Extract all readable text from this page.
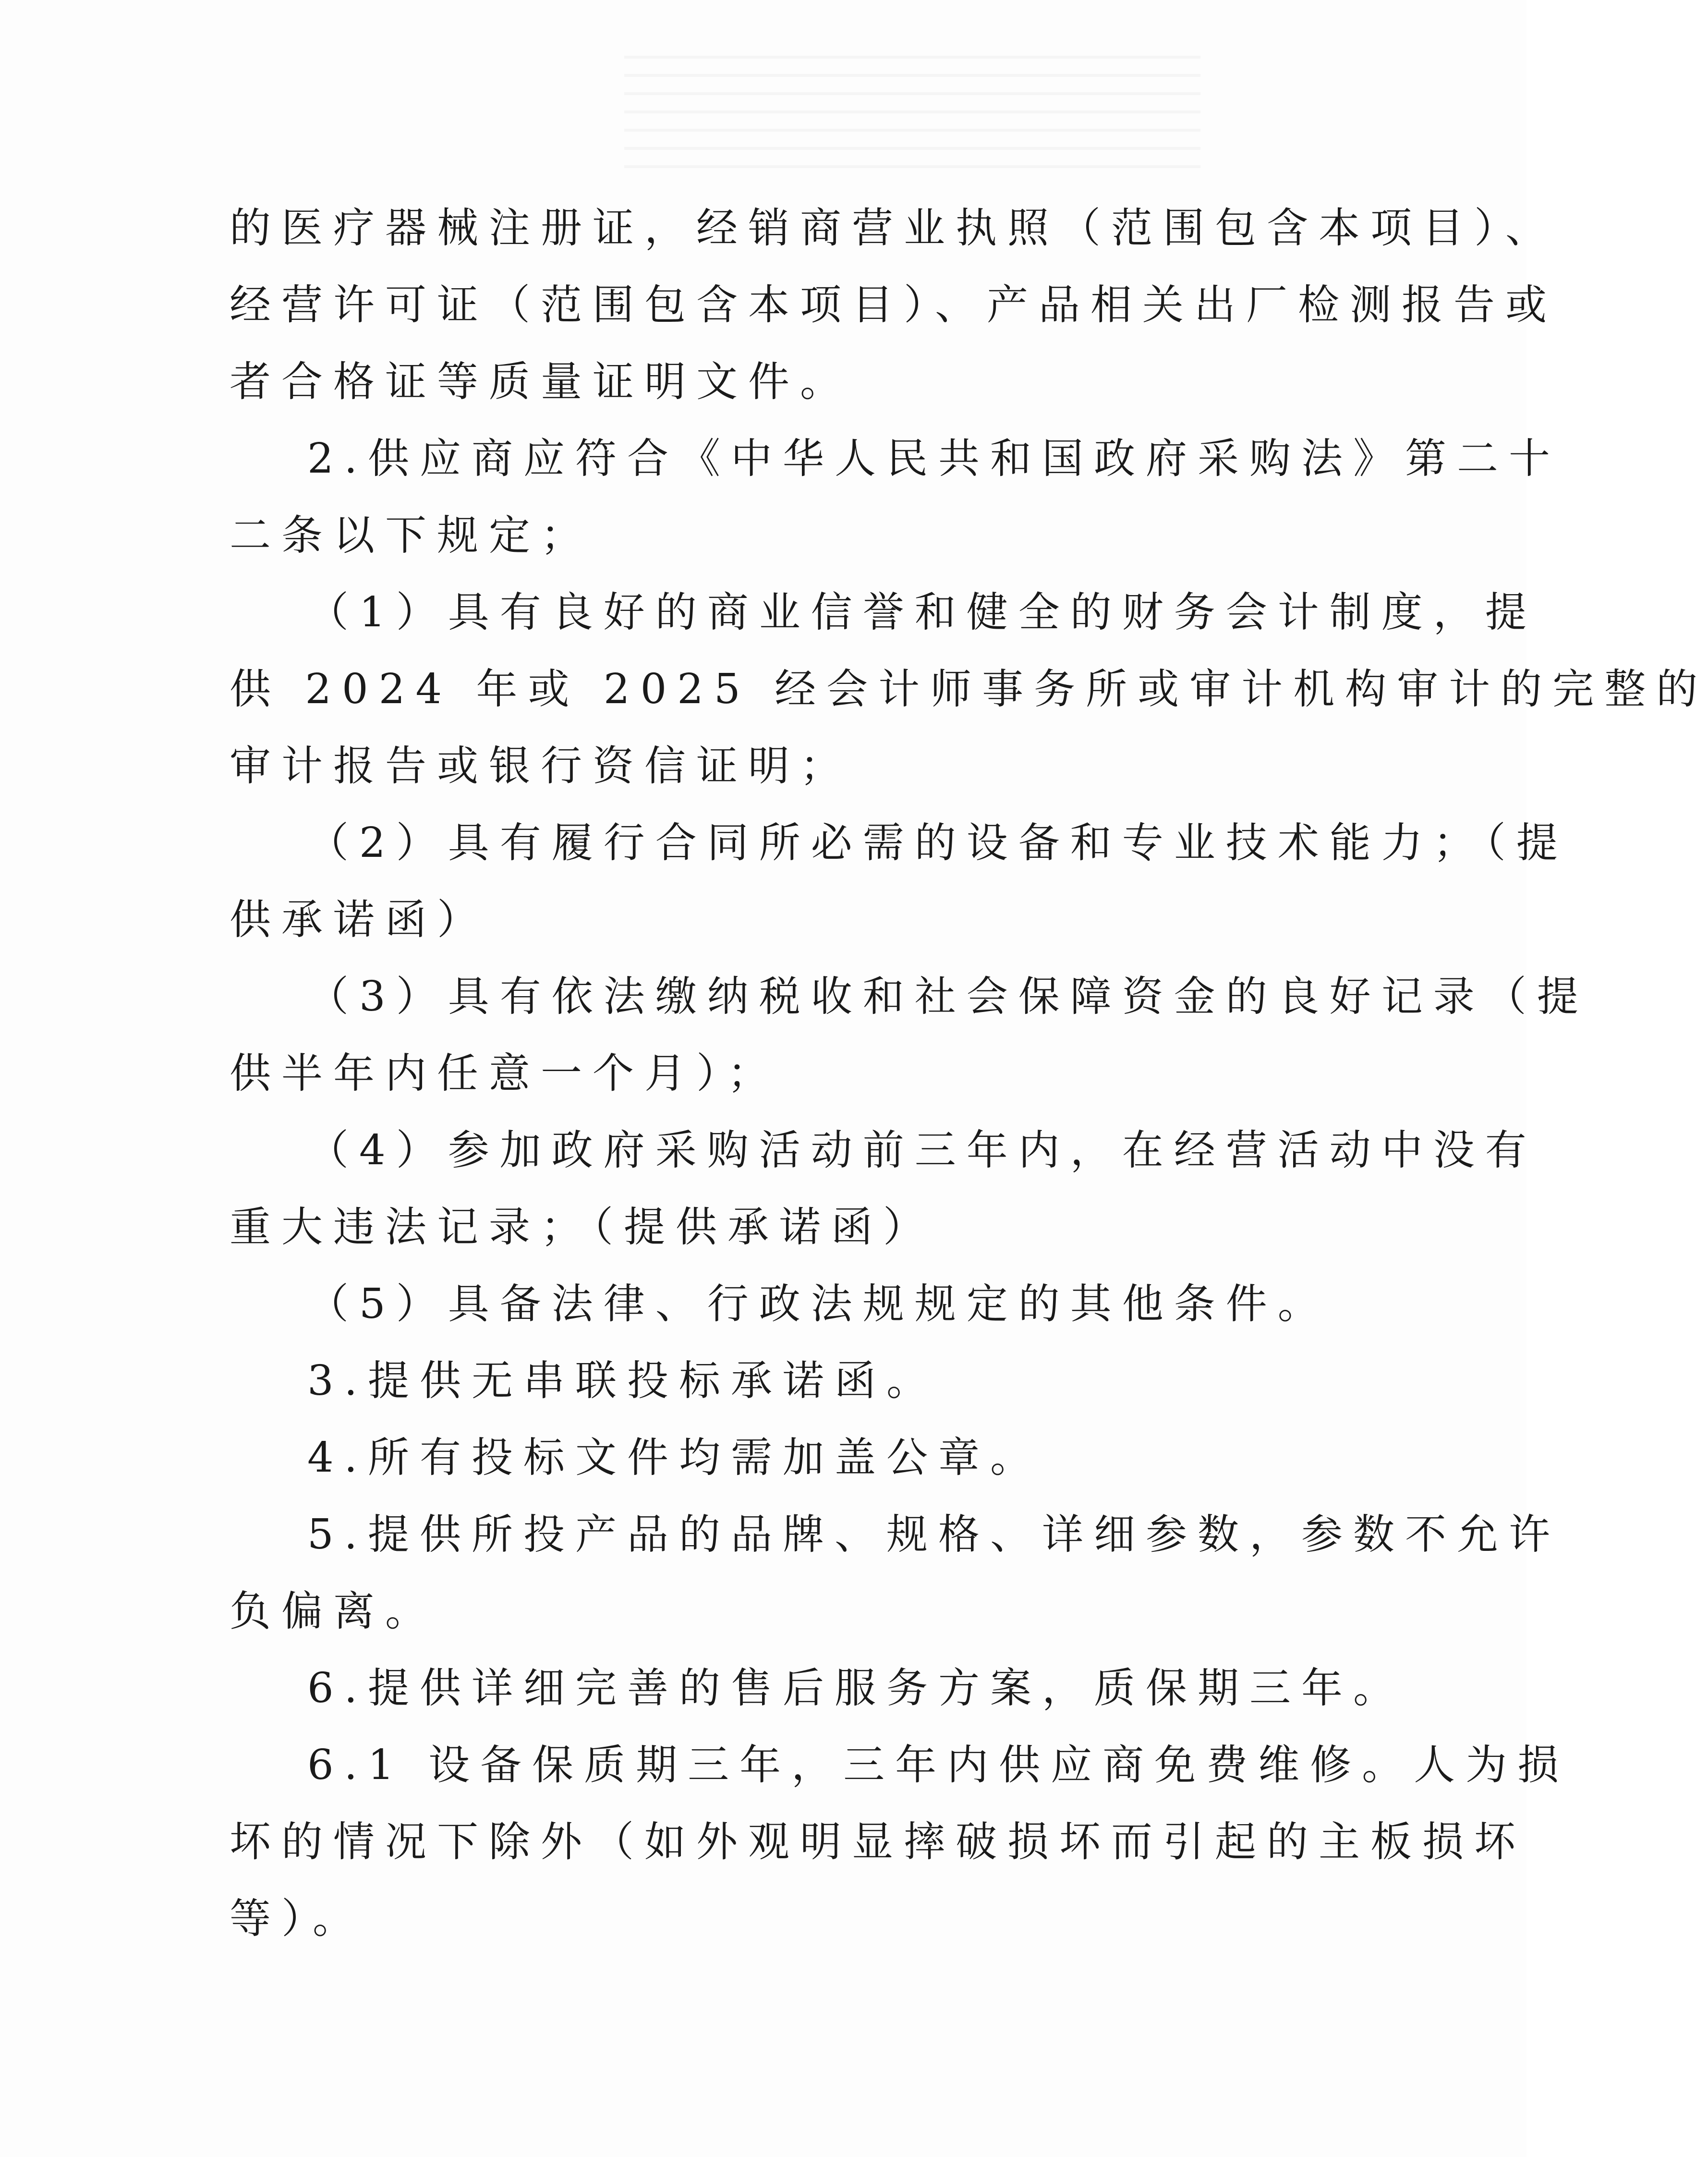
的医疗器械注册证，经销商营业执照（范围包含本项目）、

经营许可证（范围包含本项目）、产品相关出厂检测报告或

者合格证等质量证明文件。

2.供应商应符合《中华人民共和国政府采购法》第二十

二条以下规定；

（1）具有良好的商业信誉和健全的财务会计制度，提

供 2024 年或 2025 经会计师事务所或审计机构审计的完整的

审计报告或银行资信证明；

（2）具有履行合同所必需的设备和专业技术能力；（提

供承诺函）

（3）具有依法缴纳税收和社会保障资金的良好记录（提

供半年内任意一个月）；

（4）参加政府采购活动前三年内，在经营活动中没有

重大违法记录；（提供承诺函）

（5）具备法律、行政法规规定的其他条件。

3.提供无串联投标承诺函。

4.所有投标文件均需加盖公章。

5.提供所投产品的品牌、规格、详细参数，参数不允许

负偏离。

6.提供详细完善的售后服务方案，质保期三年。

6.1 设备保质期三年，三年内供应商免费维修。人为损

坏的情况下除外（如外观明显摔破损坏而引起的主板损坏

等）。
